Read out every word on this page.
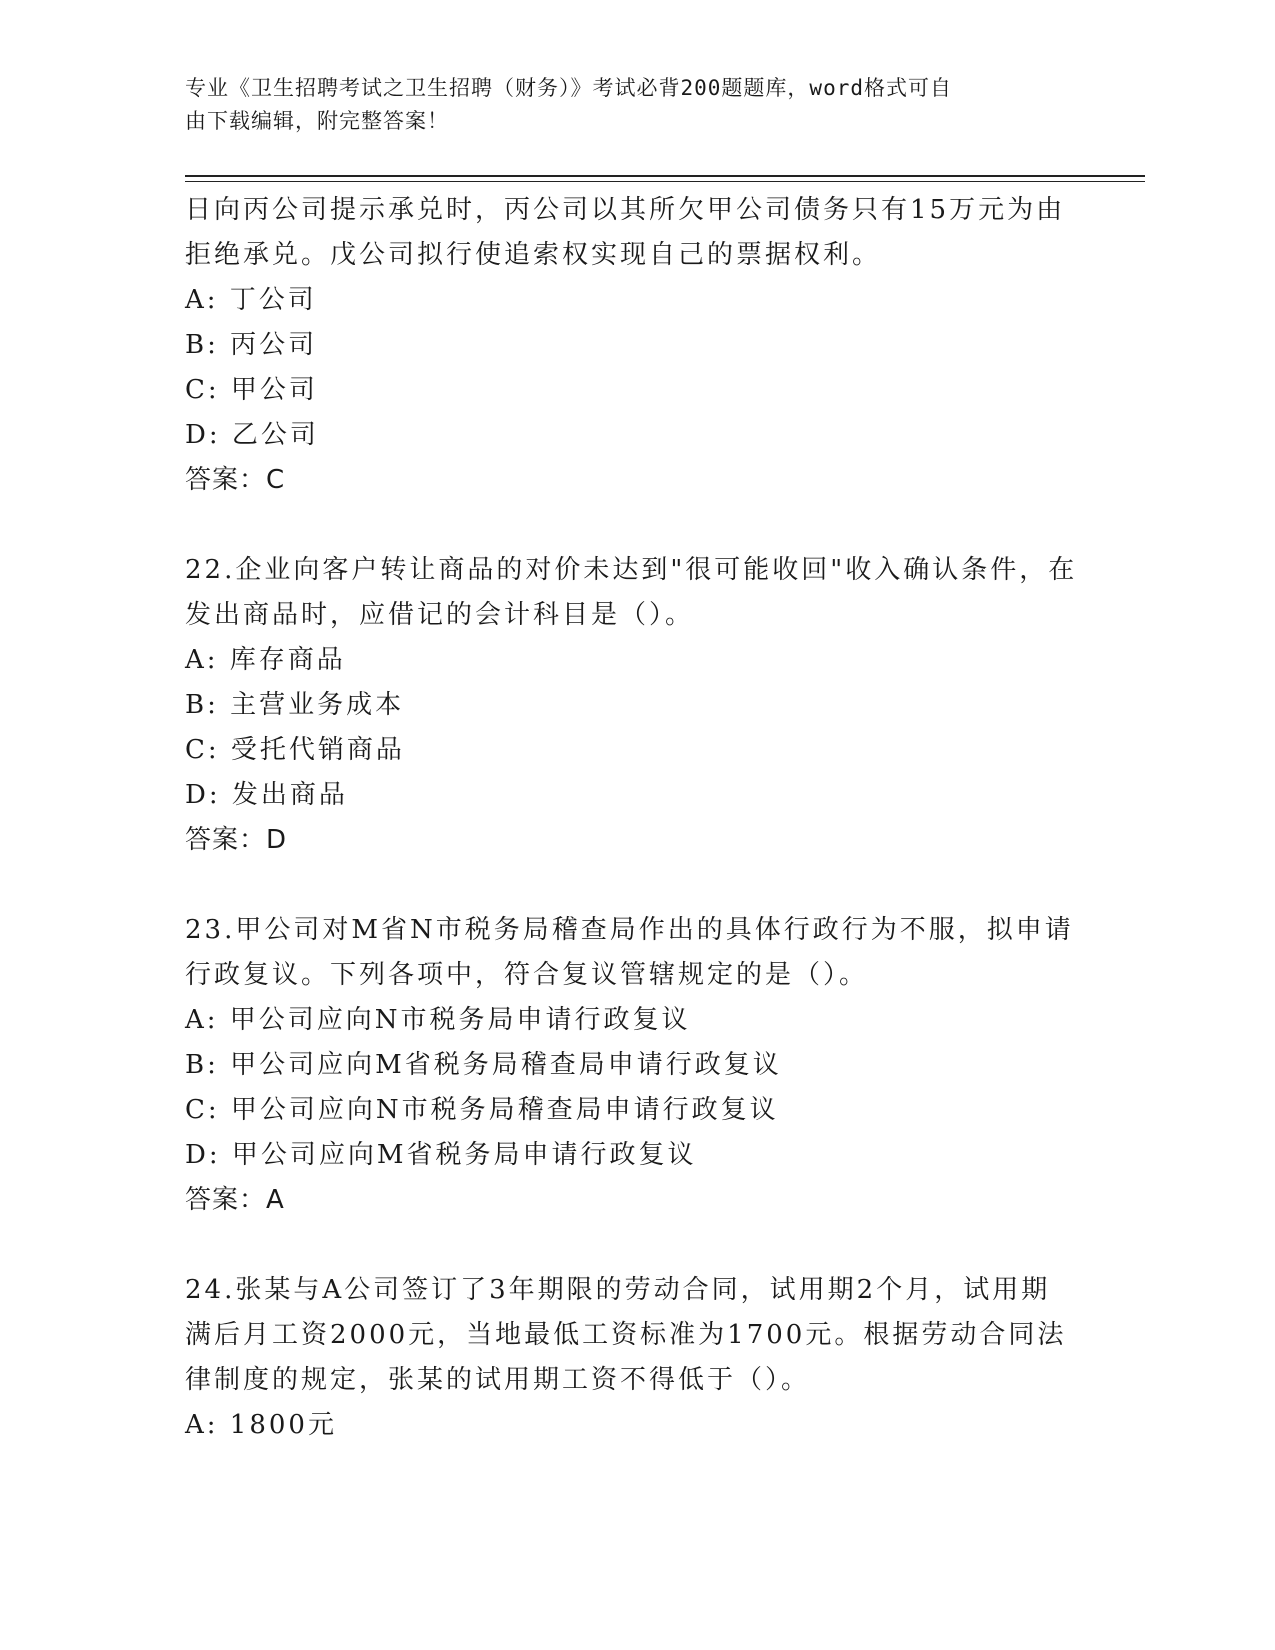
专业《卫生招聘考试之卫生招聘（财务）》考试必背200题题库，word格式可自
由下载编辑，附完整答案！
日向丙公司提示承兑时，丙公司以其所欠甲公司债务只有15万元为由
拒绝承兑。戊公司拟行使追索权实现自己的票据权利。
A: 丁公司
B: 丙公司
C: 甲公司
D: 乙公司
答案：C
22.企业向客户转让商品的对价未达到"很可能收回"收入确认条件，在
发出商品时，应借记的会计科目是（）。
A: 库存商品
B: 主营业务成本
C: 受托代销商品
D: 发出商品
答案：D
23.甲公司对M省N市税务局稽查局作出的具体行政行为不服，拟申请
行政复议。下列各项中，符合复议管辖规定的是（）。
A: 甲公司应向N市税务局申请行政复议
B: 甲公司应向M省税务局稽查局申请行政复议
C: 甲公司应向N市税务局稽查局申请行政复议
D: 甲公司应向M省税务局申请行政复议
答案：A
24.张某与A公司签订了3年期限的劳动合同，试用期2个月，试用期
满后月工资2000元，当地最低工资标准为1700元。根据劳动合同法
律制度的规定，张某的试用期工资不得低于（）。
A: 1800元
